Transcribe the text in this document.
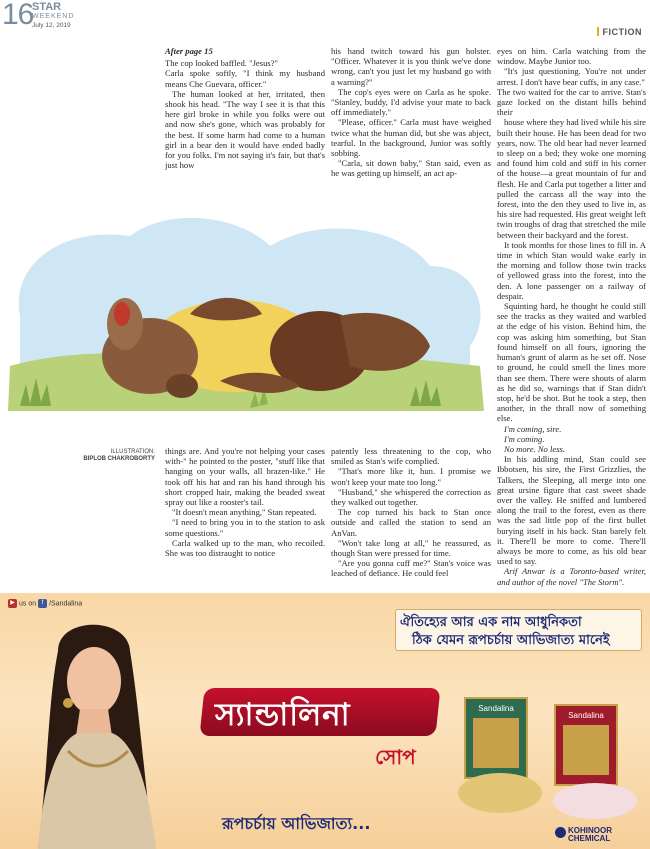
16
STAR
WEEKEND
July 12, 2019
FICTION

After page 15

The cop looked baffled. "Jesus?"

Carla spoke softly, "I think my husband means Che Guevara, officer."

The human looked at her, irritated, then shook his head. "The way I see it is that this here girl broke in while you folks were out and now she's gone, which was probably for the best. If some harm had come to a human girl in a bear den it would have ended badly for you folks. I'm not saying it's fair, but that's just how

his hand twitch toward his gun holster. "Officer. Whatever it is you think we've done wrong, can't you just let my husband go with a warning?"

The cop's eyes were on Carla as he spoke. "Stanley, buddy, I'd advise your mate to back off immediately."

"Please, officer." Carla must have weighed twice what the human did, but she was abject, tearful. In the background, Junior was softly sobbing.

"Carla, sit down baby," Stan said, even as he was getting up himself, an act ap-

eyes on him. Carla watching from the window. Maybe Junior too.

"It's just questioning. You're not under arrest. I don't have bear cuffs, in any case."

The two waited for the car to arrive. Stan's gaze locked on the distant hills behind their

house where they had lived while his sire built their house. He has been dead for two years, now. The old bear had never learned to sleep on a bed; they woke one morning and found him cold and stiff in his corner of the house—a great mountain of fur and flesh. He and Carla put together a litter and pulled the carcass all the way into the forest, into the den they used to live in, as his sire had requested. His great weight left twin troughs of drag that stretched the mile between their backyard and the forest.

It took months for those lines to fill in. A time in which Stan would wake early in the morning and follow those twin tracks of yellowed grass into the forest, into the den. A lone passenger on a railway of despair.

Squinting hard, he thought he could still see the tracks as they waited and warbled at the edge of his vision. Behind him, the cop was asking him something, but Stan found himself on all fours, ignoring the human's grunt of alarm as he set off. Nose to ground, he could smell the lines more than see them. There were shouts of alarm as he did so, warnings that if Stan didn't stop, he'd be shot. But he took a step, then another, in the thrall now of something else.

I'm coming, sire.

I'm coming.

No more. No less.

In his addling mind, Stan could see Ibbotsen, his sire, the First Grizzlies, the Talkers, the Sleeping, all merge into one great ursine figure that cast sweet shade over the valley. He sniffed and lumbered along the trail to the forest, even as there was the sad little pop of the first bullet burying itself in his back. Stan barely felt it. There'll be more to come. There'll always be more to come, as his old bear used to say.

Arif Anwar is a Toronto-based writer, and author of the novel "The Storm".

ILLUSTRATION:
BIPLOB CHAKROBORTY

things are. And you're not helping your cases with-" he pointed to the poster, "stuff like that hanging on your walls, all brazen-like." He took off his hat and ran his hand through his short cropped hair, making the beaded sweat spray out like a rooster's tail.

"It doesn't mean anything," Stan repeated.

"I need to bring you in to the station to ask some questions."

Carla walked up to the man, who recoiled. She was too distraught to notice

patently less threatening to the cop, who smiled as Stan's wife complied.

"That's more like it, hun. I promise we won't keep your mate too long."

"Husband," she whispered the correction as they walked out together.

The cop turned his back to Stan once outside and called the station to send an AnVan.

"Won't take long at all," he reassured, as though Stan were pressed for time.

"Are you gonna cuff me?" Stan's voice was leached of defiance. He could feel

▶ us on f /Sandalina
ঐতিহ্যের আর এক নাম আধুনিকতা
ঠিক যেমন রূপচর্চায় আভিজাত্য মানেই
স্যান্ডালিনা
সোপ
রূপচর্চায় আভিজাত্য...
Sandalina
Sandalina
KOHINOOR
CHEMICAL
